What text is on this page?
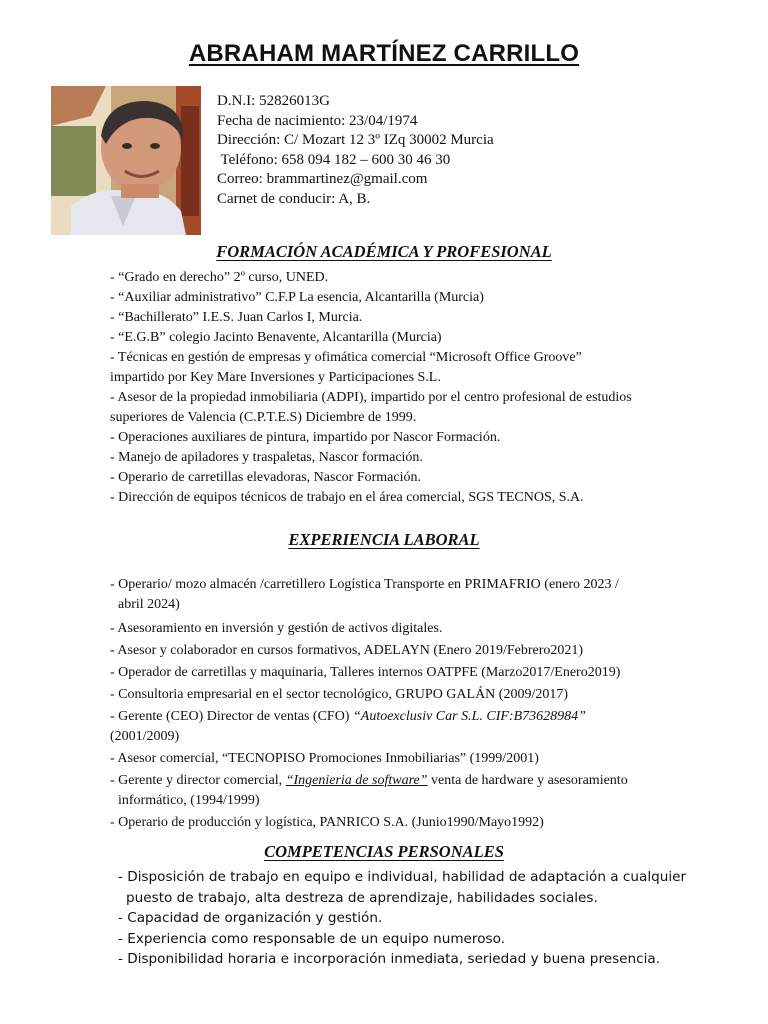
ABRAHAM MARTÍNEZ CARRILLO
D.N.I: 52826013G
Fecha de nacimiento: 23/04/1974
Dirección: C/ Mozart 12 3º IZq 30002 Murcia
Teléfono: 658 094 182 – 600 30 46 30
Correo: brammartinez@gmail.com
Carnet de conducir: A, B.
FORMACIÓN ACADÉMICA Y PROFESIONAL
- “Grado en derecho” 2º curso, UNED.
- “Auxiliar administrativo” C.F.P La esencia, Alcantarilla (Murcia)
- “Bachillerato” I.E.S. Juan Carlos I, Murcia.
- “E.G.B” colegio Jacinto Benavente, Alcantarilla (Murcia)
- Técnicas en gestión de empresas y ofimática comercial “Microsoft Office Groove”
impartido por Key Mare Inversiones y Participaciones S.L.
- Asesor de la propiedad inmobiliaria (ADPI), impartido por el centro profesional de estudios
superiores de Valencia (C.P.T.E.S) Diciembre de 1999.
- Operaciones auxiliares de pintura, impartido por Nascor Formación.
- Manejo de apiladores y traspaletas, Nascor formación.
- Operario de carretillas elevadoras, Nascor Formación.
- Dirección de equipos técnicos de trabajo en el área comercial, SGS TECNOS, S.A.
EXPERIENCIA LABORAL
- Operario/ mozo almacén /carretillero Logística Transporte en PRIMAFRIO (enero 2023 /
abril 2024)
- Asesoramiento en inversión y gestión de activos digitales.
- Asesor y colaborador en cursos formativos, ADELAYN (Enero 2019/Febrero2021)
- Operador de carretillas y maquinaria, Talleres internos OATPFE (Marzo2017/Enero2019)
- Consultoria empresarial en el sector tecnológico, GRUPO GALÁN (2009/2017)
- Gerente (CEO) Director de ventas (CFO) “Autoexclusiv Car S.L. CIF:B73628984”
(2001/2009)
- Asesor comercial, “TECNOPISO Promociones Inmobiliarias” (1999/2001)
- Gerente y director comercial, “Ingenieria de software” venta de hardware y asesoramiento
informático, (1994/1999)
- Operario de producción y logística, PANRICO S.A. (Junio1990/Mayo1992)
COMPETENCIAS PERSONALES
- Disposición de trabajo en equipo e individual, habilidad de adaptación a cualquier
puesto de trabajo, alta destreza de aprendizaje, habilidades sociales.
- Capacidad de organización y gestión.
- Experiencia como responsable de un equipo numeroso.
- Disponibilidad horaria e incorporación inmediata, seriedad y buena presencia.
